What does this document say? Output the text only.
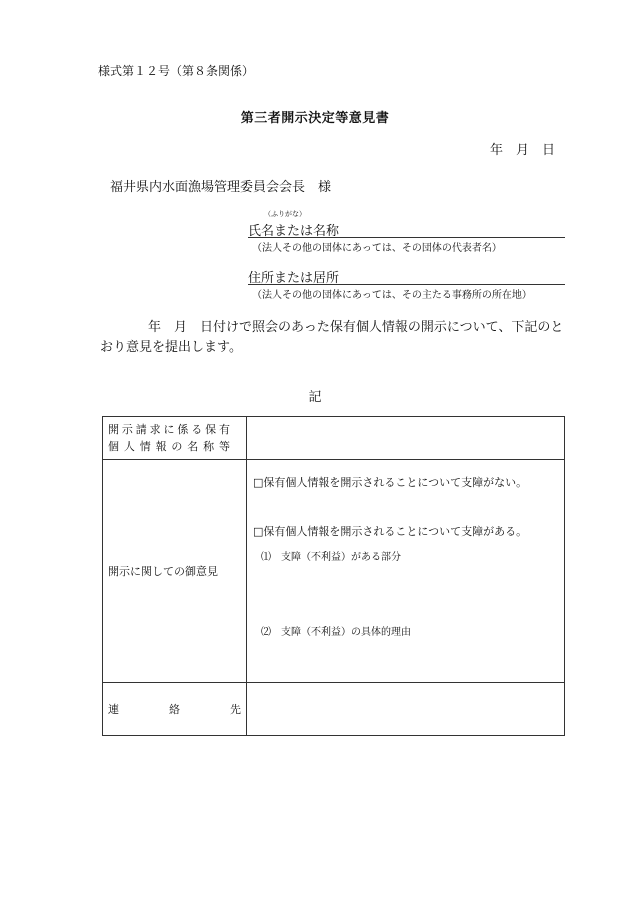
様式第１２号（第８条関係）
第三者開示決定等意見書
年　月　日
福井県内水面漁場管理委員会会長　様
（ふりがな）
氏名または名称
（法人その他の団体にあっては、その団体の代表者名）
住所または居所
（法人その他の団体にあっては、その主たる事務所の所在地）
年　月　日付けで照会のあった保有個人情報の開示について、下記のとおり意見を提出します。
記
開示請求に係る保有
個人情報の名称等	

開示に関しての御意見	□保有個人情報を開示されることについて支障がない。
□保有個人情報を開示されることについて支障がある。
⑴　支障（不利益）がある部分
⑵　支障（不利益）の具体的理由

連　絡　先	
